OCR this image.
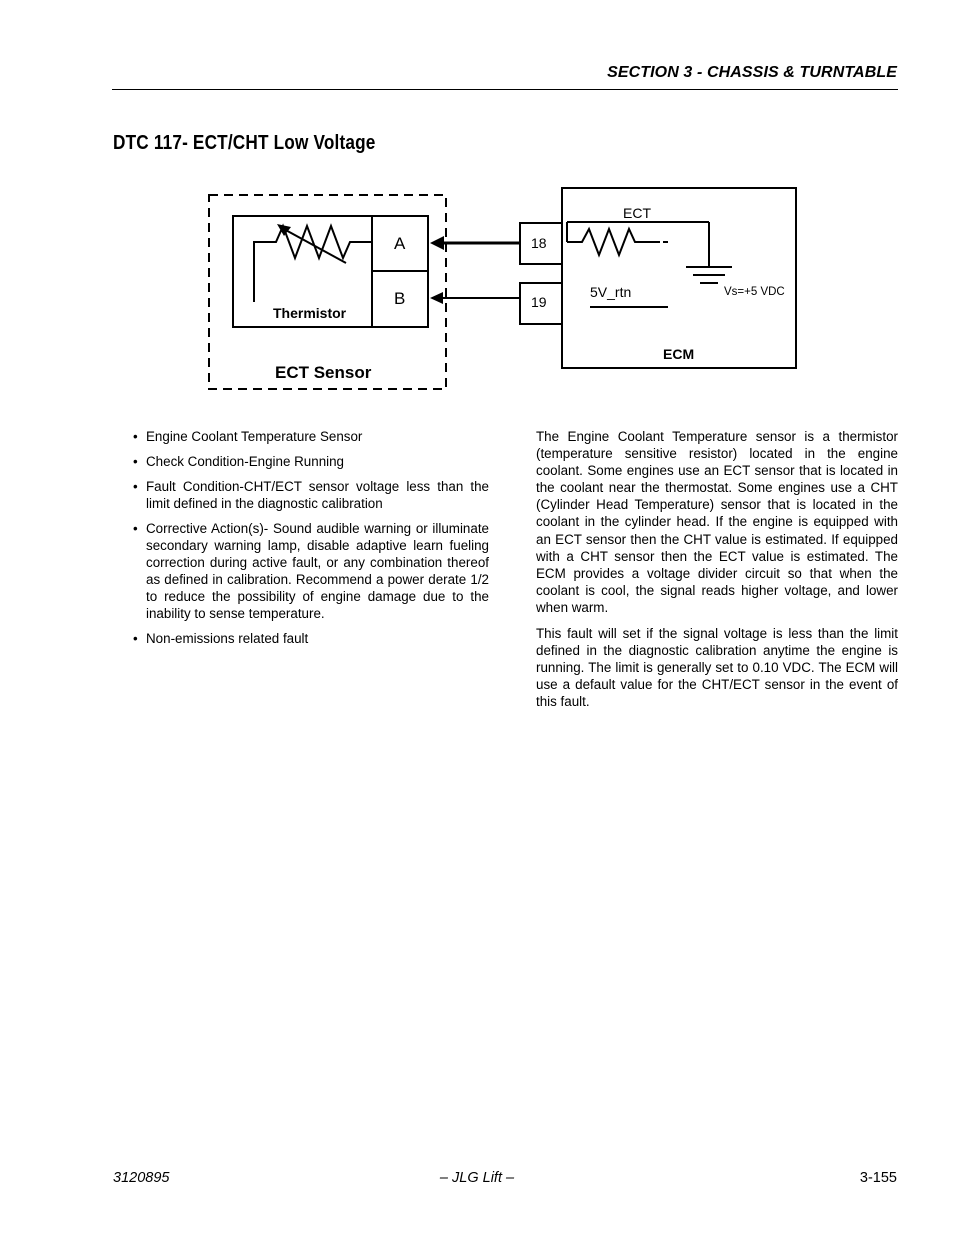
SECTION 3 - CHASSIS & TURNTABLE
DTC 117- ECT/CHT Low Voltage
A
B
Thermistor
ECT Sensor
18
19
ECT
5V_rtn	Vs=+5 VDC
ECM
• Engine Coolant Temperature Sensor
• Check Condition-Engine Running
• Fault Condition-CHT/ECT sensor voltage less than the limit defined in the diagnostic calibration
• Corrective Action(s)- Sound audible warning or illuminate secondary warning lamp, disable adaptive learn fueling correction during active fault, or any combination thereof as defined in calibration. Recommend a power derate 1/2 to reduce the possibility of engine damage due to the inability to sense temperature.
• Non-emissions related fault

The Engine Coolant Temperature sensor is a thermistor (temperature sensitive resistor) located in the engine coolant. Some engines use an ECT sensor that is located in the coolant near the thermostat. Some engines use a CHT (Cylinder Head Temperature) sensor that is located in the coolant in the cylinder head. If the engine is equipped with an ECT sensor then the CHT value is estimated. If equipped with a CHT sensor then the ECT value is estimated. The ECM provides a voltage divider circuit so that when the coolant is cool, the signal reads higher voltage, and lower when warm.

This fault will set if the signal voltage is less than the limit defined in the diagnostic calibration anytime the engine is running. The limit is generally set to 0.10 VDC. The ECM will use a default value for the CHT/ECT sensor in the event of this fault.

3120895	– JLG Lift –	3-155
